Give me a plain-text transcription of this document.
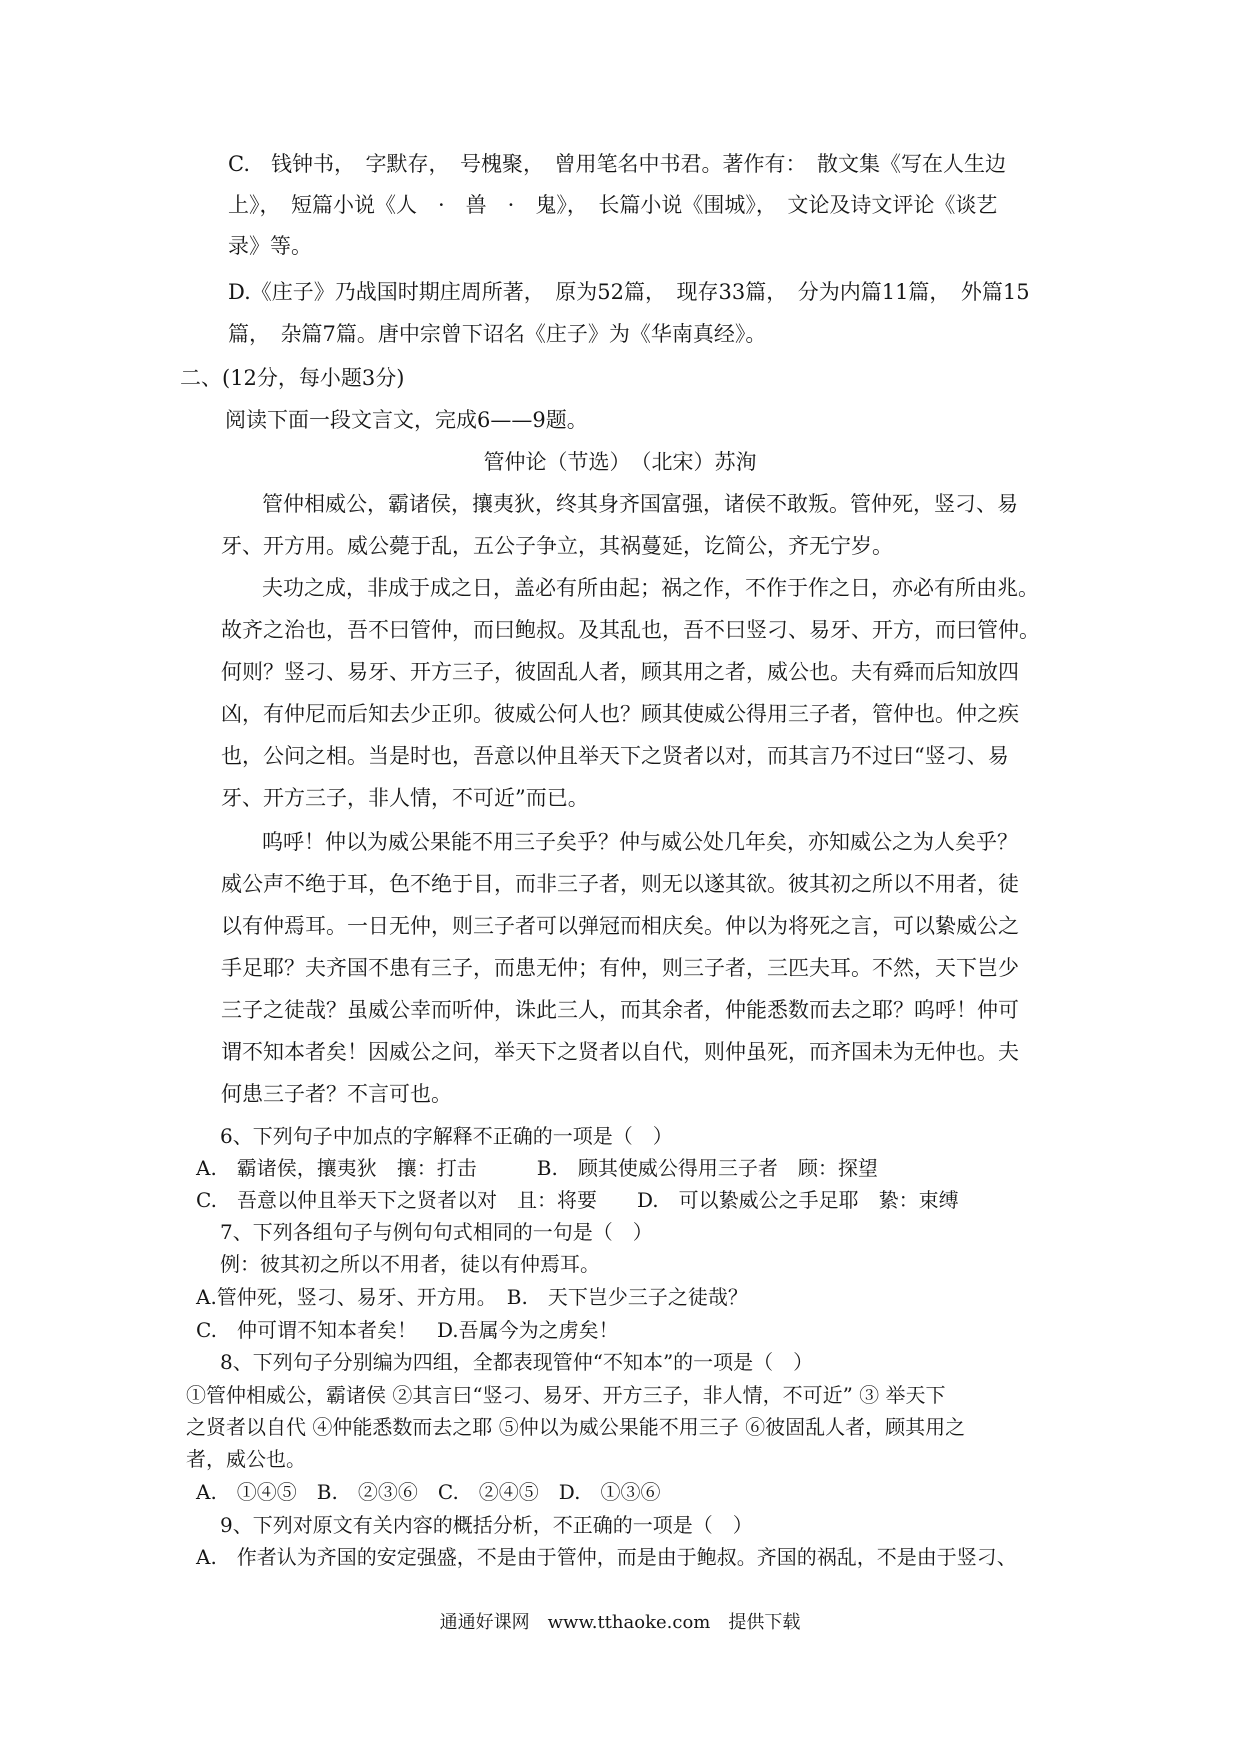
C.　钱钟书，　字默存，　号槐聚，　曾用笔名中书君。著作有：　散文集《写在人生边
上》，　短篇小说《人　·　兽　·　鬼》，　长篇小说《围城》，　文论及诗文评论《谈艺
录》等。
D.《庄子》乃战国时期庄周所著，　原为52篇，　现存33篇，　分为内篇11篇，　外篇15
篇，　杂篇7篇。唐中宗曾下诏名《庄子》为《华南真经》。
二、(12分，每小题3分)
阅读下面一段文言文，完成6——9题。
管仲论（节选）　（北宋）苏洵
管仲相威公，霸诸侯，攘夷狄，终其身齐国富强，诸侯不敢叛。管仲死，竖刁、易
牙、开方用。威公薨于乱，五公子争立，其祸蔓延，讫简公，齐无宁岁。
夫功之成，非成于成之日，盖必有所由起；祸之作，不作于作之日，亦必有所由兆。
故齐之治也，吾不曰管仲，而曰鲍叔。及其乱也，吾不曰竖刁、易牙、开方，而曰管仲。
何则？竖刁、易牙、开方三子，彼固乱人者，顾其用之者，威公也。夫有舜而后知放四
凶，有仲尼而后知去少正卯。彼威公何人也？顾其使威公得用三子者，管仲也。仲之疾
也，公问之相。当是时也，吾意以仲且举天下之贤者以对，而其言乃不过曰“竖刁、易
牙、开方三子，非人情，不可近”而已。
呜呼！仲以为威公果能不用三子矣乎？仲与威公处几年矣，亦知威公之为人矣乎？
威公声不绝于耳，色不绝于目，而非三子者，则无以遂其欲。彼其初之所以不用者，徒
以有仲焉耳。一日无仲，则三子者可以弹冠而相庆矣。仲以为将死之言，可以絷威公之
手足耶？夫齐国不患有三子，而患无仲；有仲，则三子者，三匹夫耳。不然，天下岂少
三子之徒哉？虽威公幸而听仲，诛此三人，而其余者，仲能悉数而去之耶？呜呼！仲可
谓不知本者矣！因威公之问，举天下之贤者以自代，则仲虽死，而齐国未为无仲也。夫
何患三子者？不言可也。
6、下列句子中加点的字解释不正确的一项是（　）
A.　霸诸侯，攘夷狄　攘：打击　　　B.　顾其使威公得用三子者　顾：探望
C.　吾意以仲且举天下之贤者以对　且：将要　　D.　可以絷威公之手足耶　絷：束缚
7、下列各组句子与例句句式相同的一句是（　）
例：彼其初之所以不用者，徒以有仲焉耳。
A.管仲死，竖刁、易牙、开方用。　B.　天下岂少三子之徒哉？
C.　仲可谓不知本者矣！　D.吾属今为之虏矣！
8、下列句子分别编为四组，全都表现管仲“不知本”的一项是（　）
①管仲相威公，霸诸侯 ②其言曰“竖刁、易牙、开方三子，非人情，不可近” ③ 举天下
之贤者以自代 ④仲能悉数而去之耶 ⑤仲以为威公果能不用三子 ⑥彼固乱人者，顾其用之
者，威公也。
A.　①④⑤　B.　②③⑥　C.　②④⑤　D.　①③⑥
9、下列对原文有关内容的概括分析，不正确的一项是（　）
A.　作者认为齐国的安定强盛，不是由于管仲，而是由于鲍叔。齐国的祸乱，不是由于竖刁、
通通好课网　www.tthaoke.com　提供下载
